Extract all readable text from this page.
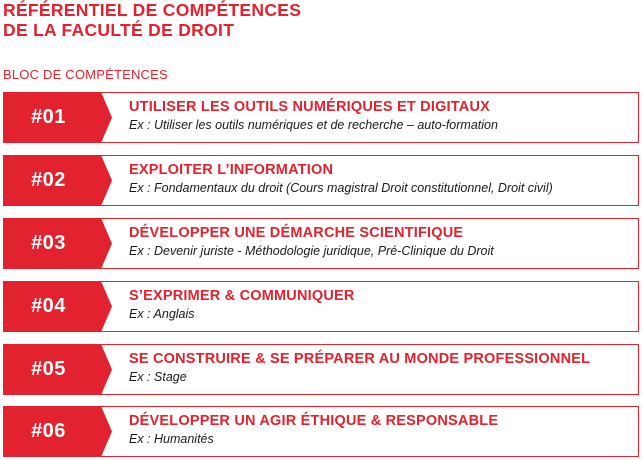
RÉFÉRENTIEL DE COMPÉTENCES
DE LA FACULTÉ DE DROIT
BLOC DE COMPÉTENCES
#01	UTILISER LES OUTILS NUMÉRIQUES ET DIGITAUX
Ex : Utiliser les outils numériques et de recherche – auto-formation
#02	EXPLOITER L’INFORMATION
Ex : Fondamentaux du droit (Cours magistral Droit constitutionnel, Droit civil)
#03	DÉVELOPPER UNE DÉMARCHE SCIENTIFIQUE
Ex : Devenir juriste - Méthodologie juridique, Pré-Clinique du Droit
#04	S’EXPRIMER & COMMUNIQUER
Ex : Anglais
#05	SE CONSTRUIRE & SE PRÉPARER AU MONDE PROFESSIONNEL
Ex : Stage
#06	DÉVELOPPER UN AGIR ÉTHIQUE & RESPONSABLE
Ex : Humanités
